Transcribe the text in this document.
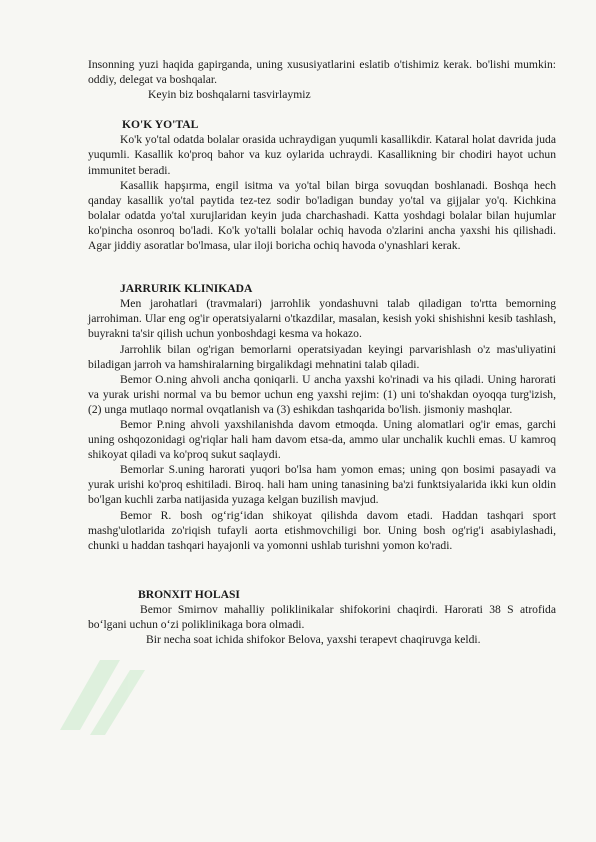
Insonning yuzi haqida gapirganda, uning xususiyatlarini eslatib o'tishimiz kerak. bo'lishi mumkin: oddiy, delegat va boshqalar.

Keyin biz boshqalarni tasvirlaymiz

KO'K YO'TAL

Ko'k yo'tal odatda bolalar orasida uchraydigan yuqumli kasallikdir. Kataral holat davrida juda yuqumli. Kasallik ko'proq bahor va kuz oylarida uchraydi. Kasallikning bir chodiri hayot uchun immunitet beradi.

Kasallik hapşırma, engil isitma va yo'tal bilan birga sovuqdan boshlanadi. Boshqa hech qanday kasallik yo'tal paytida tez-tez sodir bo'ladigan bunday yo'tal va gijjalar yo'q. Kichkina bolalar odatda yo'tal xurujlaridan keyin juda charchashadi. Katta yoshdagi bolalar bilan hujumlar ko'pincha osonroq bo'ladi. Ko'k yo'talli bolalar ochiq havoda o'zlarini ancha yaxshi his qilishadi. Agar jiddiy asoratlar bo'lmasa, ular iloji boricha ochiq havoda o'ynashlari kerak.

JARRURIK KLINIKADA

Men jarohatlari (travmalari) jarrohlik yondashuvni talab qiladigan to'rtta bemorning jarrohiman. Ular eng og'ir operatsiyalarni o'tkazdilar, masalan, kesish yoki shishishni kesib tashlash, buyrakni ta'sir qilish uchun yonboshdagi kesma va hokazo.

Jarrohlik bilan og'rigan bemorlarni operatsiyadan keyingi parvarishlash o'z mas'uliyatini biladigan jarroh va hamshiralarning birgalikdagi mehnatini talab qiladi.

Bemor O.ning ahvoli ancha qoniqarli. U ancha yaxshi ko'rinadi va his qiladi. Uning harorati va yurak urishi normal va bu bemor uchun eng yaxshi rejim: (1) uni to'shakdan oyoqqa turg'izish, (2) unga mutlaqo normal ovqatlanish va (3) eshikdan tashqarida bo'lish. jismoniy mashqlar.

Bemor P.ning ahvoli yaxshilanishda davom etmoqda. Uning alomatlari og'ir emas, garchi uning oshqozonidagi og'riqlar hali ham davom etsa-da, ammo ular unchalik kuchli emas. U kamroq shikoyat qiladi va ko'proq sukut saqlaydi.

Bemorlar S.uning harorati yuqori bo'lsa ham yomon emas; uning qon bosimi pasayadi va yurak urishi ko'proq eshitiladi. Biroq. hali ham uning tanasining ba'zi funktsiyalarida ikki kun oldin bo'lgan kuchli zarba natijasida yuzaga kelgan buzilish mavjud.

Bemor R. bosh og‘rig‘idan shikoyat qilishda davom etadi. Haddan tashqari sport mashg'ulotlarida zo'riqish tufayli aorta etishmovchiligi bor. Uning bosh og'rig'i asabiylashadi, chunki u haddan tashqari hayajonli va yomonni ushlab turishni yomon ko'radi.

BRONXIT HOLASI

Bemor Smirnov mahalliy poliklinikalar shifokorini chaqirdi. Harorati 38 S atrofida bo‘lgani uchun o‘zi poliklinikaga bora olmadi.

Bir necha soat ichida shifokor Belova, yaxshi terapevt chaqiruvga keldi.
